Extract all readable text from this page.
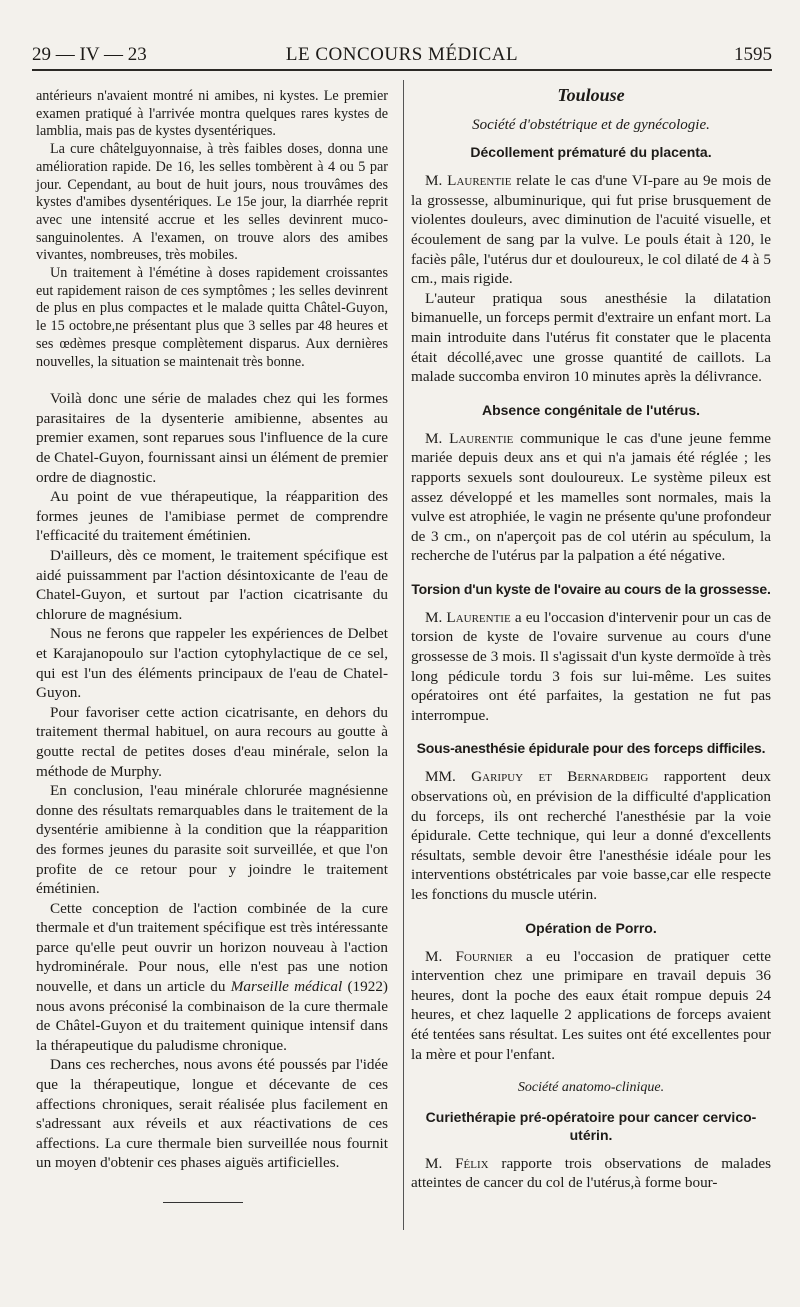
29 — IV — 23	LE CONCOURS MÉDICAL	1595

antérieurs n'avaient montré ni amibes, ni kystes. Le premier examen pratiqué à l'arrivée montra quelques rares kystes de lamblia, mais pas de kystes dysentériques.

La cure châtelguyonnaise, à très faibles doses, donna une amélioration rapide. De 16, les selles tombèrent à 4 ou 5 par jour. Cependant, au bout de huit jours, nous trouvâmes des kystes d'amibes dysentériques. Le 15e jour, la diarrhée reprit avec une intensité accrue et les selles devinrent muco-sanguinolentes. A l'examen, on trouve alors des amibes vivantes, nombreuses, très mobiles.

Un traitement à l'émétine à doses rapidement croissantes eut rapidement raison de ces symptômes ; les selles devinrent de plus en plus compactes et le malade quitta Châtel-Guyon, le 15 octobre,ne présentant plus que 3 selles par 48 heures et ses œdèmes presque complètement disparus. Aux dernières nouvelles, la situation se maintenait très bonne.

Voilà donc une série de malades chez qui les formes parasitaires de la dysenterie amibienne, absentes au premier examen, sont reparues sous l'influence de la cure de Chatel-Guyon, fournissant ainsi un élément de premier ordre de diagnostic.

Au point de vue thérapeutique, la réapparition des formes jeunes de l'amibiase permet de comprendre l'efficacité du traitement émétinien.

D'ailleurs, dès ce moment, le traitement spécifique est aidé puissamment par l'action désintoxicante de l'eau de Chatel-Guyon, et surtout par l'action cicatrisante du chlorure de magnésium.

Nous ne ferons que rappeler les expériences de Delbet et Karajanopoulo sur l'action cytophylactique de ce sel, qui est l'un des éléments principaux de l'eau de Chatel-Guyon.

Pour favoriser cette action cicatrisante, en dehors du traitement thermal habituel, on aura recours au goutte à goutte rectal de petites doses d'eau minérale, selon la méthode de Murphy.

En conclusion, l'eau minérale chlorurée magnésienne donne des résultats remarquables dans le traitement de la dysentérie amibienne à la condition que la réapparition des formes jeunes du parasite soit surveillée, et que l'on profite de ce retour pour y joindre le traitement émétinien.

Cette conception de l'action combinée de la cure thermale et d'un traitement spécifique est très intéressante parce qu'elle peut ouvrir un horizon nouveau à l'action hydrominérale. Pour nous, elle n'est pas une notion nouvelle, et dans un article du Marseille médical (1922) nous avons préconisé la combinaison de la cure thermale de Châtel-Guyon et du traitement quinique intensif dans la thérapeutique du paludisme chronique.

Dans ces recherches, nous avons été poussés par l'idée que la thérapeutique, longue et décevante de ces affections chroniques, serait réalisée plus facilement en s'adressant aux réveils et aux réactivations de ces affections. La cure thermale bien surveillée nous fournit un moyen d'obtenir ces phases aiguës artificielles.

Toulouse
Société d'obstétrique et de gynécologie.
Décollement prématuré du placenta.

M. Laurentie relate le cas d'une VI-pare au 9e mois de la grossesse, albuminurique, qui fut prise brusquement de violentes douleurs, avec diminution de l'acuité visuelle, et écoulement de sang par la vulve. Le pouls était à 120, le faciès pâle, l'utérus dur et douloureux, le col dilaté de 4 à 5 cm., mais rigide.

L'auteur pratiqua sous anesthésie la dilatation bimanuelle, un forceps permit d'extraire un enfant mort. La main introduite dans l'utérus fit constater que le placenta était décollé,avec une grosse quantité de caillots. La malade succomba environ 10 minutes après la délivrance.

Absence congénitale de l'utérus.

M. Laurentie communique le cas d'une jeune femme mariée depuis deux ans et qui n'a jamais été réglée ; les rapports sexuels sont douloureux. Le système pileux est assez développé et les mamelles sont normales, mais la vulve est atrophiée, le vagin ne présente qu'une profondeur de 3 cm., on n'aperçoit pas de col utérin au spéculum, la recherche de l'utérus par la palpation a été négative.

Torsion d'un kyste de l'ovaire au cours de la grossesse.

M. Laurentie a eu l'occasion d'intervenir pour un cas de torsion de kyste de l'ovaire survenue au cours d'une grossesse de 3 mois. Il s'agissait d'un kyste dermoïde à très long pédicule tordu 3 fois sur lui-même. Les suites opératoires ont été parfaites, la gestation ne fut pas interrompue.

Sous-anesthésie épidurale pour des forceps difficiles.

MM. Garipuy et Bernardbeig rapportent deux observations où, en prévision de la difficulté d'application du forceps, ils ont recherché l'anesthésie par la voie épidurale. Cette technique, qui leur a donné d'excellents résultats, semble devoir être l'anesthésie idéale pour les interventions obstétricales par voie basse,car elle respecte les fonctions du muscle utérin.

Opération de Porro.

M. Fournier a eu l'occasion de pratiquer cette intervention chez une primipare en travail depuis 36 heures, dont la poche des eaux était rompue depuis 24 heures, et chez laquelle 2 applications de forceps avaient été tentées sans résultat. Les suites ont été excellentes pour la mère et pour l'enfant.

Société anatomo-clinique.
Curiethérapie pré-opératoire pour cancer cervico-utérin.

M. Félix rapporte trois observations de malades atteintes de cancer du col de l'utérus,à forme bour-
